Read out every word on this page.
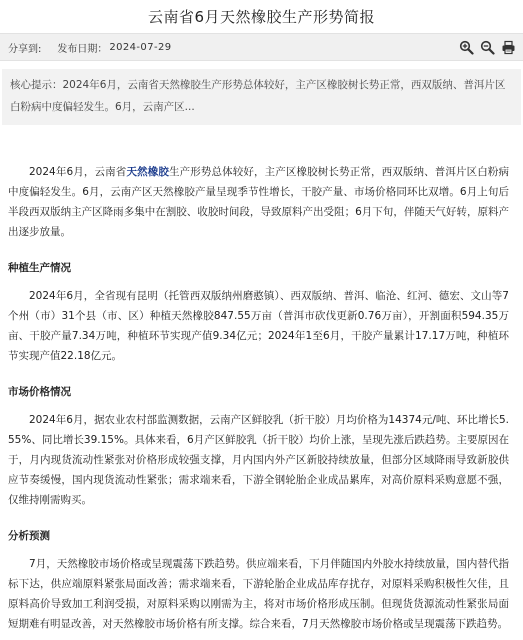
云南省6月天然橡胶生产形势简报
分享到: 发布日期： 2024-07-29
核心提示：2024年6月，云南省天然橡胶生产形势总体较好，主产区橡胶树长势正常，西双版纳、普洱片区白粉病中度偏轻发生。6月，云南产区...

2024年6月，云南省天然橡胶生产形势总体较好，主产区橡胶树长势正常，西双版纳、普洱片区白粉病中度偏轻发生。6月，云南产区天然橡胶产量呈现季节性增长，干胶产量、市场价格同环比双增。6月上旬后半段西双版纳主产区降雨多集中在割胶、收胶时间段，导致原料产出受阻；6月下旬，伴随天气好转，原料产出逐步放量。

种植生产情况

2024年6月，全省现有昆明（托管西双版纳州磨憨镇）、西双版纳、普洱、临沧、红河、德宏、文山等7个州（市）31个县（市、区）种植天然橡胶847.55万亩（普洱市砍伐更新0.76万亩），开割面积594.35万亩、干胶产量7.34万吨，种植环节实现产值9.34亿元；2024年1至6月，干胶产量累计17.17万吨，种植环节实现产值22.18亿元。

市场价格情况

2024年6月，据农业农村部监测数据，云南产区鲜胶乳（折干胶）月均价格为14374元/吨、环比增长5.55%、同比增长39.15%。具体来看，6月产区鲜胶乳（折干胶）均价上涨，呈现先涨后跌趋势。主要原因在于，月内现货流动性紧张对价格形成较强支撑，月内国内外产区新胶持续放量，但部分区域降雨导致新胶供应节奏缓慢，国内现货流动性紧张；需求端来看，下游全钢轮胎企业成品累库，对高价原料采购意愿不强，仅维持刚需购买。

分析预测

7月，天然橡胶市场价格或呈现震荡下跌趋势。供应端来看，下月伴随国内外胶水持续放量，国内替代指标下达，供应端原料紧张局面改善；需求端来看，下游轮胎企业成品库存扰存，对原料采购积极性欠佳，且原料高价导致加工利润受损，对原料采购以刚需为主，将对市场价格形成压制。但现货货源流动性紧张局面短期难有明显改善，对天然橡胶市场价格有所支撑。综合来看，7月天然橡胶市场价格或呈现震荡下跌趋势。
